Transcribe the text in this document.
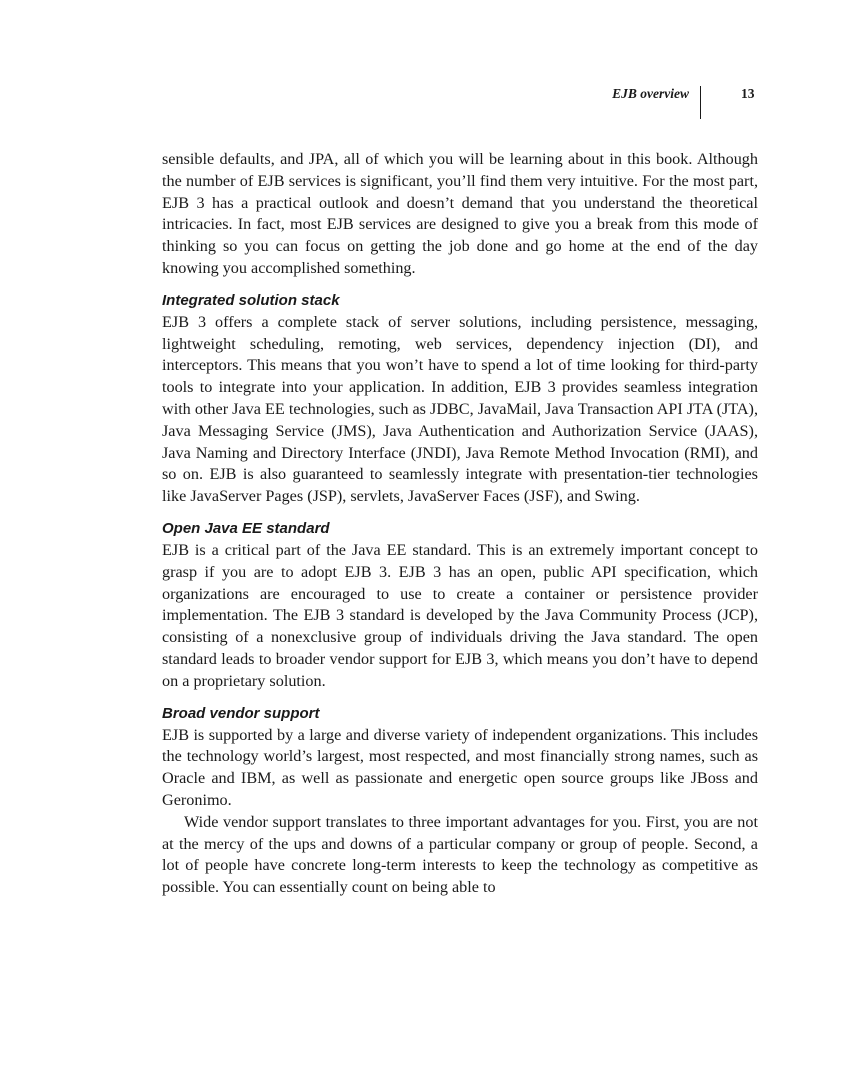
EJB overview	13

sensible defaults, and JPA, all of which you will be learning about in this book. Although the number of EJB services is significant, you’ll find them very intuitive. For the most part, EJB 3 has a practical outlook and doesn’t demand that you understand the theoretical intricacies. In fact, most EJB services are designed to give you a break from this mode of thinking so you can focus on getting the job done and go home at the end of the day knowing you accomplished something.

Integrated solution stack

EJB 3 offers a complete stack of server solutions, including persistence, messaging, lightweight scheduling, remoting, web services, dependency injection (DI), and interceptors. This means that you won’t have to spend a lot of time looking for third-party tools to integrate into your application. In addition, EJB 3 provides seamless integration with other Java EE technologies, such as JDBC, JavaMail, Java Transaction API JTA (JTA), Java Messaging Service (JMS), Java Authentication and Authorization Service (JAAS), Java Naming and Directory Interface (JNDI), Java Remote Method Invocation (RMI), and so on. EJB is also guaranteed to seamlessly integrate with presentation-tier technologies like JavaServer Pages (JSP), servlets, JavaServer Faces (JSF), and Swing.

Open Java EE standard

EJB is a critical part of the Java EE standard. This is an extremely important concept to grasp if you are to adopt EJB 3. EJB 3 has an open, public API specification, which organizations are encouraged to use to create a container or persistence provider implementation. The EJB 3 standard is developed by the Java Community Process (JCP), consisting of a nonexclusive group of individuals driving the Java standard. The open standard leads to broader vendor support for EJB 3, which means you don’t have to depend on a proprietary solution.

Broad vendor support

EJB is supported by a large and diverse variety of independent organizations. This includes the technology world’s largest, most respected, and most financially strong names, such as Oracle and IBM, as well as passionate and energetic open source groups like JBoss and Geronimo.

Wide vendor support translates to three important advantages for you. First, you are not at the mercy of the ups and downs of a particular company or group of people. Second, a lot of people have concrete long-term interests to keep the technology as competitive as possible. You can essentially count on being able to
